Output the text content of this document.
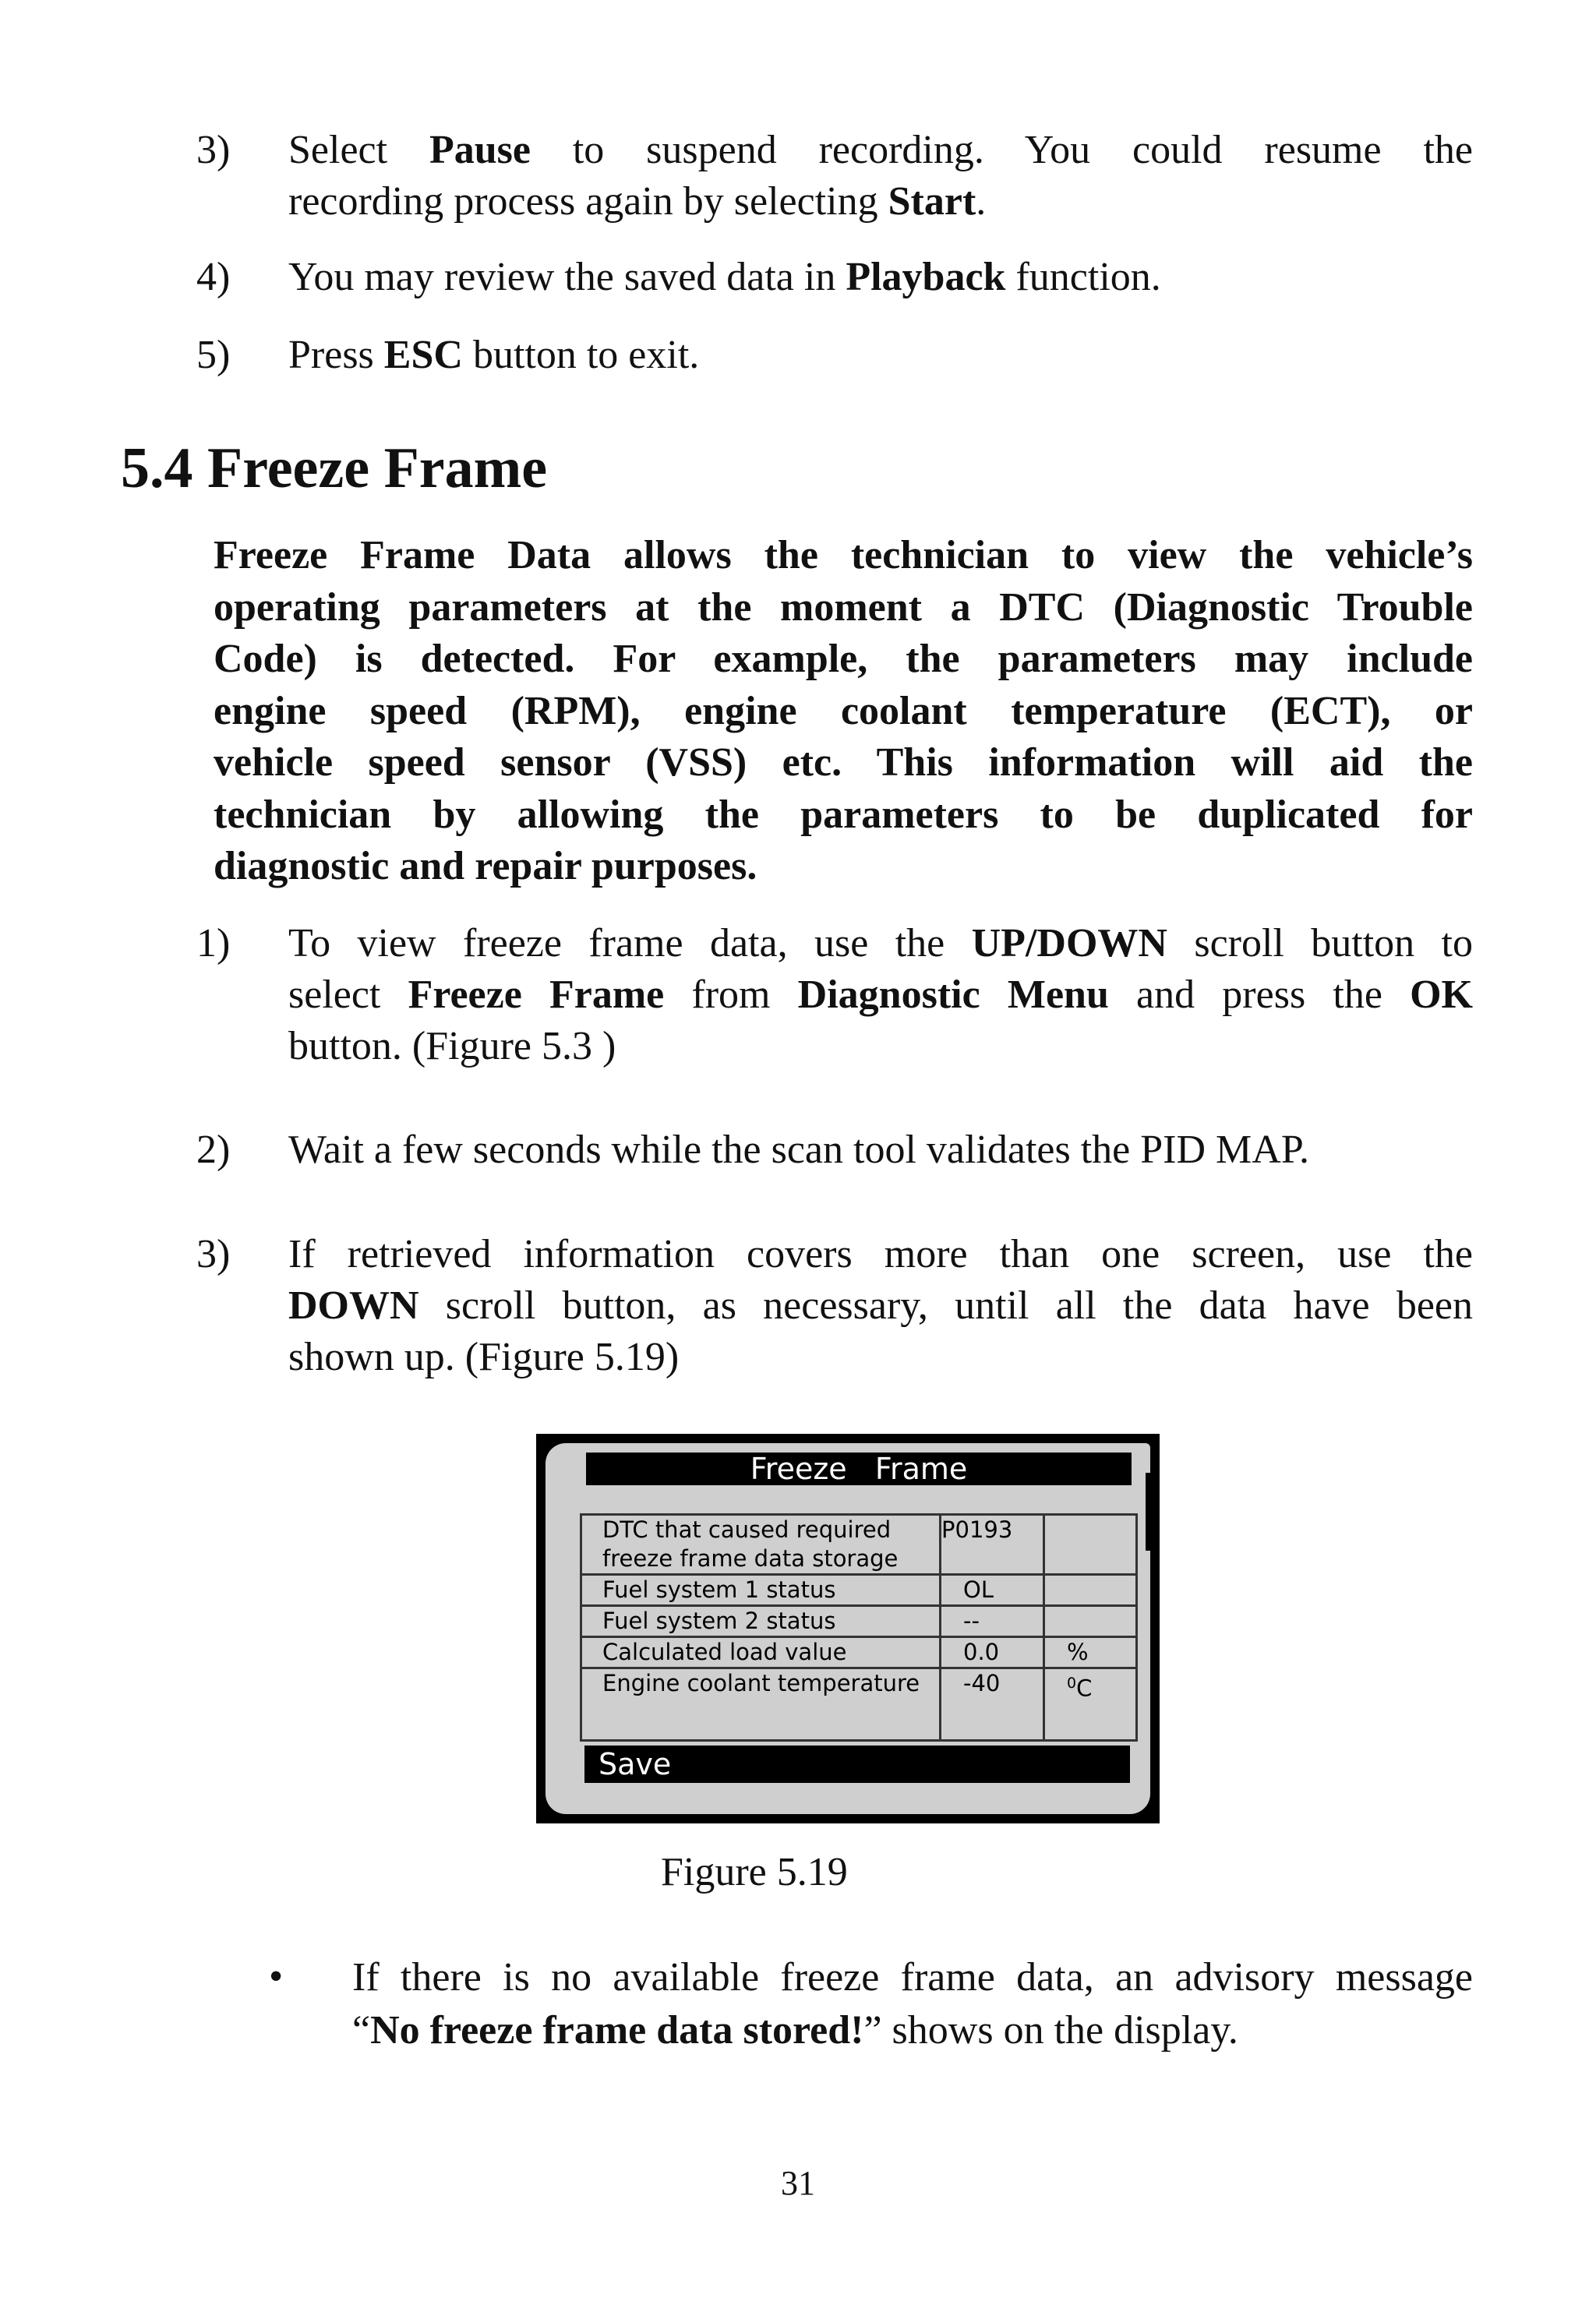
3) Select Pause to suspend recording. You could resume the
recording process again by selecting Start.
4) You may review the saved data in Playback function.
5) Press ESC button to exit.
5.4 Freeze Frame
Freeze Frame Data allows the technician to view the vehicle’s
operating parameters at the moment a DTC (Diagnostic Trouble
Code) is detected. For example, the parameters may include
engine speed (RPM), engine coolant temperature (ECT), or
vehicle speed sensor (VSS) etc. This information will aid the
technician by allowing the parameters to be duplicated for
diagnostic and repair purposes.
1) To view freeze frame data, use the UP/DOWN scroll button to
select Freeze Frame from Diagnostic Menu and press the OK
button. (Figure 5.3 )
2) Wait a few seconds while the scan tool validates the PID MAP.
3) If retrieved information covers more than one screen, use the
DOWN scroll button, as necessary, until all the data have been
shown up. (Figure 5.19)
Freeze   Frame
DTC that caused required freeze frame data storage	P0193	
Fuel system 1 status	OL	
Fuel system 2 status	--	
Calculated load value	0.0	%
Engine coolant temperature	-40	$^0$C
Save
Figure 5.19
• If there is no available freeze frame data, an advisory message
“No freeze frame data stored!” shows on the display.
31
